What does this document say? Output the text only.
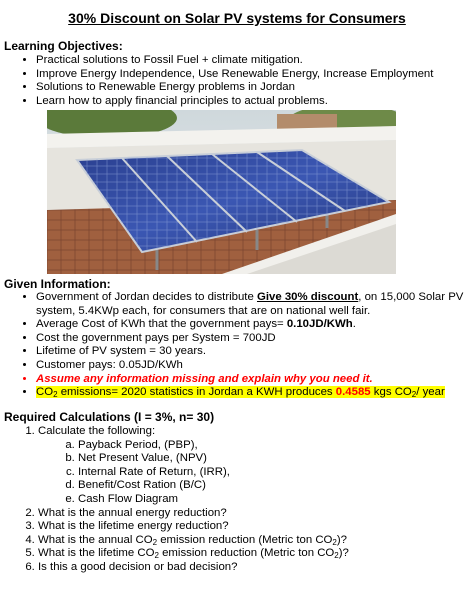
30% Discount on Solar PV systems for Consumers
Learning Objectives:
• Practical solutions to Fossil Fuel + climate mitigation.
• Improve Energy Independence, Use Renewable Energy, Increase Employment
• Solutions to Renewable Energy problems in Jordan
• Learn how to apply financial principles to actual problems.
Given Information:
• Government of Jordan decides to distribute Give 30% discount, on 15,000 Solar PV system, 5.4KWp each, for consumers that are on national well fair.
• Average Cost of KWh that the government pays= 0.10JD/KWh.
• Cost the government pays per System = 700JD
• Lifetime of PV system = 30 years.
• Customer pays: 0.05JD/KWh
• Assume any information missing and explain why you need it.
• $CO_2$ emissions= 2020 statistics in Jordan a KWH produces 0.4585 kgs $CO_2/$ year
Required Calculations (I = 3%, n= 30)
1. Calculate the following:
a. Payback Period, (PBP),
b. Net Present Value, (NPV)
c. Internal Rate of Return, (IRR),
d. Benefit/Cost Ration (B/C)
e. Cash Flow Diagram
2. What is the annual energy reduction?
3. What is the lifetime energy reduction?
4. What is the annual $CO_2$ emission reduction (Metric ton $CO_2$)?
5. What is the lifetime $CO_2$ emission reduction (Metric ton $CO_2$)?
6. Is this a good decision or bad decision?
